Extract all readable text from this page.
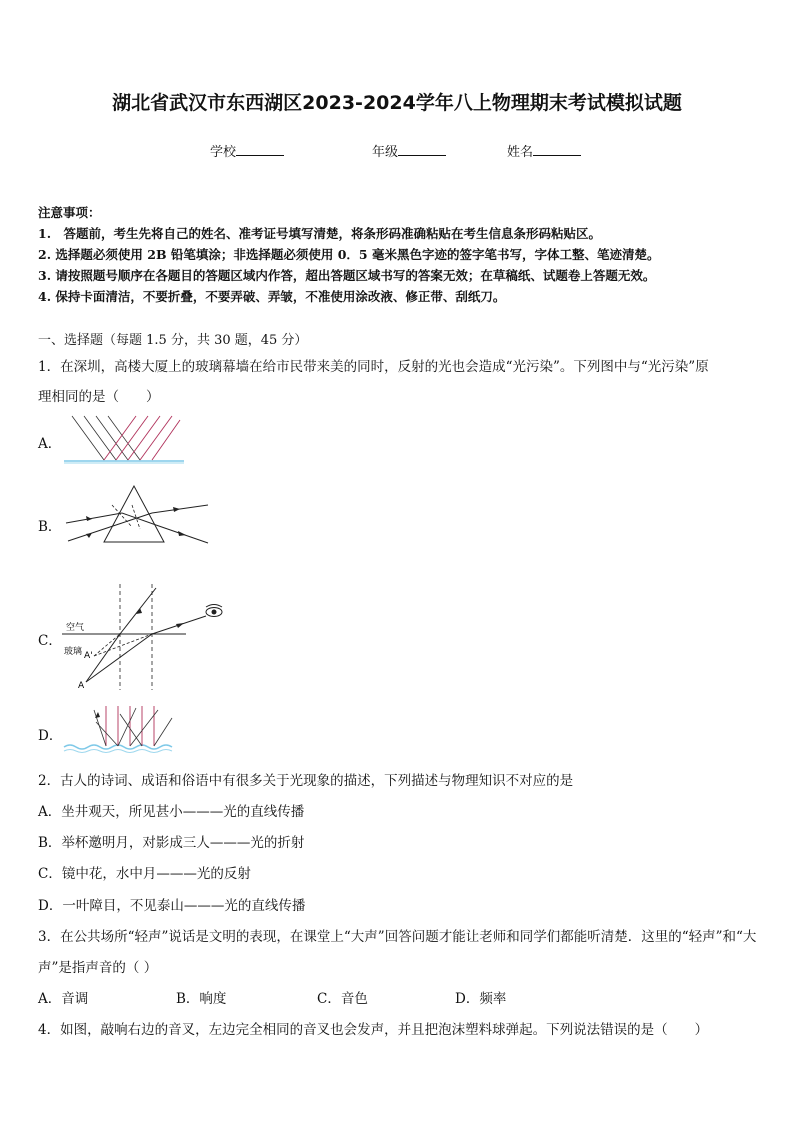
湖北省武汉市东西湖区2023-2024学年八上物理期末考试模拟试题
学校	年级	姓名
注意事项：
1.　答题前，考生先将自己的姓名、准考证号填写清楚，将条形码准确粘贴在考生信息条形码粘贴区。
2. 选择题必须使用 2B 铅笔填涂；非选择题必须使用 0．5 毫米黑色字迹的签字笔书写，字体工整、笔迹清楚。
3. 请按照题号顺序在各题目的答题区域内作答，超出答题区域书写的答案无效；在草稿纸、试题卷上答题无效。
4. 保持卡面清洁，不要折叠，不要弄破、弄皱，不准使用涂改液、修正带、刮纸刀。
一、选择题（每题 1.5 分，共 30 题，45 分）
1．在深圳，高楼大厦上的玻璃幕墙在给市民带来美的同时，反射的光也会造成“光污染”。下列图中与“光污染”原
理相同的是（　　）
A．
B．
C．
空气
玻璃 A'
A
D．
2．古人的诗词、成语和俗语中有很多关于光现象的描述，下列描述与物理知识不对应的是
A．坐井观天，所见甚小———光的直线传播
B．举杯邀明月，对影成三人———光的折射
C．镜中花，水中月———光的反射
D．一叶障目，不见泰山———光的直线传播
3．在公共场所“轻声”说话是文明的表现，在课堂上“大声”回答问题才能让老师和同学们都能听清楚．这里的“轻声”和“大
声”是指声音的（ ）
A．音调	B．响度	C．音色	D．频率
4．如图，敲响右边的音叉，左边完全相同的音叉也会发声，并且把泡沫塑料球弹起。下列说法错误的是（　　）
